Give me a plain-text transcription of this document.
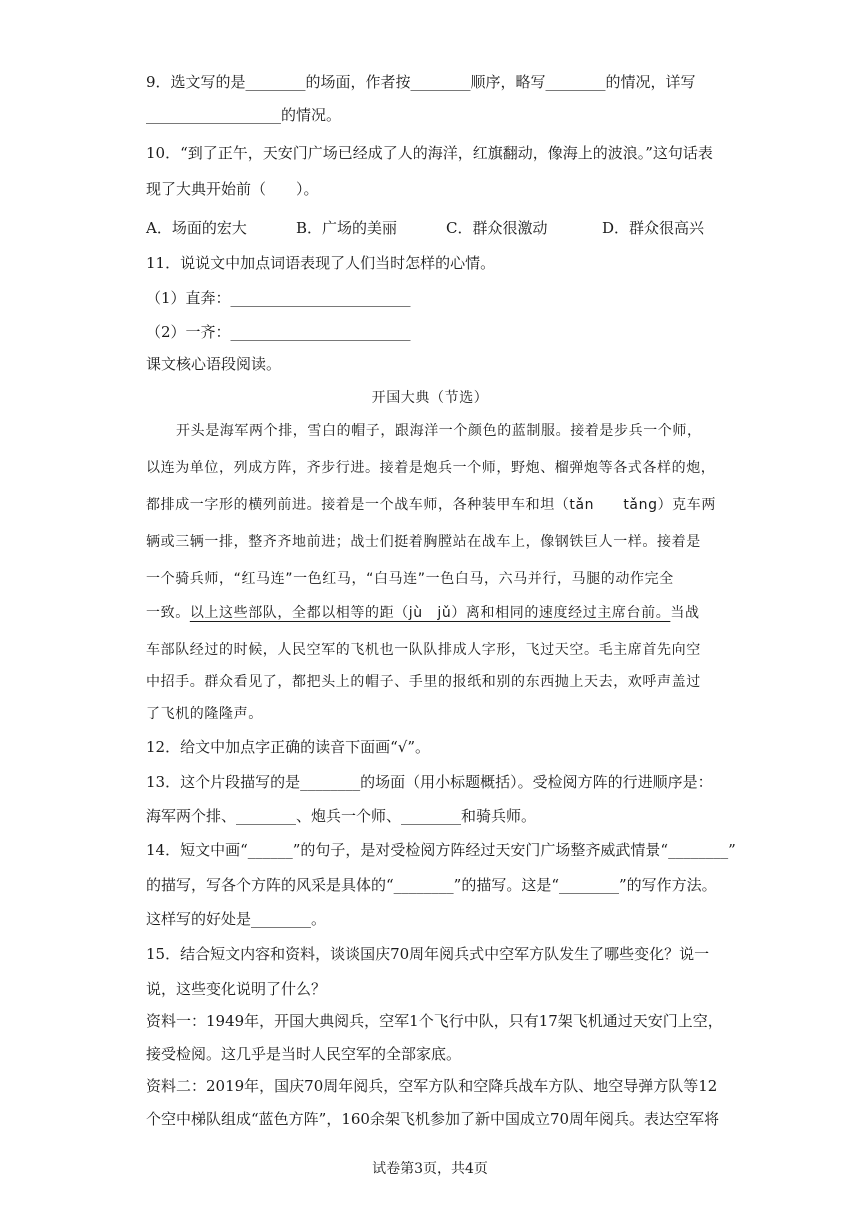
9．选文写的是________的场面，作者按________顺序，略写________的情况，详写
__________________的情况。
10．“到了正午，天安门广场已经成了人的海洋，红旗翻动，像海上的波浪。”这句话表
现了大典开始前（　　）。
A．场面的宏大	B．广场的美丽	C．群众很激动	D．群众很高兴
11．说说文中加点词语表现了人们当时怎样的心情。
（1）直奔：________________________
（2）一齐：________________________
课文核心语段阅读。
开国大典（节选）
开头是海军两个排，雪白的帽子，跟海洋一个颜色的蓝制服。接着是步兵一个师，
以连为单位，列成方阵，齐步行进。接着是炮兵一个师，野炮、榴弹炮等各式各样的炮，
都排成一字形的横列前进。接着是一个战车师，各种装甲车和坦（tǎn　　tǎng）克车两
辆或三辆一排，整齐齐地前进；战士们挺着胸膛站在战车上，像钢铁巨人一样。接着是
一个骑兵师，“红马连”一色红马，“白马连”一色白马，六马并行，马腿的动作完全
一致。以上这些部队，全都以相等的距（jù　jǔ）离和相同的速度经过主席台前。当战
车部队经过的时候，人民空军的飞机也一队队排成人字形，飞过天空。毛主席首先向空
中招手。群众看见了，都把头上的帽子、手里的报纸和别的东西抛上天去，欢呼声盖过
了飞机的隆隆声。
12．给文中加点字正确的读音下面画“√”。
13．这个片段描写的是________的场面（用小标题概括）。受检阅方阵的行进顺序是：
海军两个排、________、炮兵一个师、________和骑兵师。
14．短文中画“______”的句子，是对受检阅方阵经过天安门广场整齐威武情景“________”
的描写，写各个方阵的风采是具体的“________”的描写。这是“________”的写作方法。
这样写的好处是________。
15．结合短文内容和资料，谈谈国庆70周年阅兵式中空军方队发生了哪些变化？说一
说，这些变化说明了什么？
资料一：1949年，开国大典阅兵，空军1个飞行中队，只有17架飞机通过天安门上空，
接受检阅。这几乎是当时人民空军的全部家底。
资料二：2019年，国庆70周年阅兵，空军方队和空降兵战车方队、地空导弹方队等12
个空中梯队组成“蓝色方阵”，160余架飞机参加了新中国成立70周年阅兵。表达空军将
试卷第3页，共4页
